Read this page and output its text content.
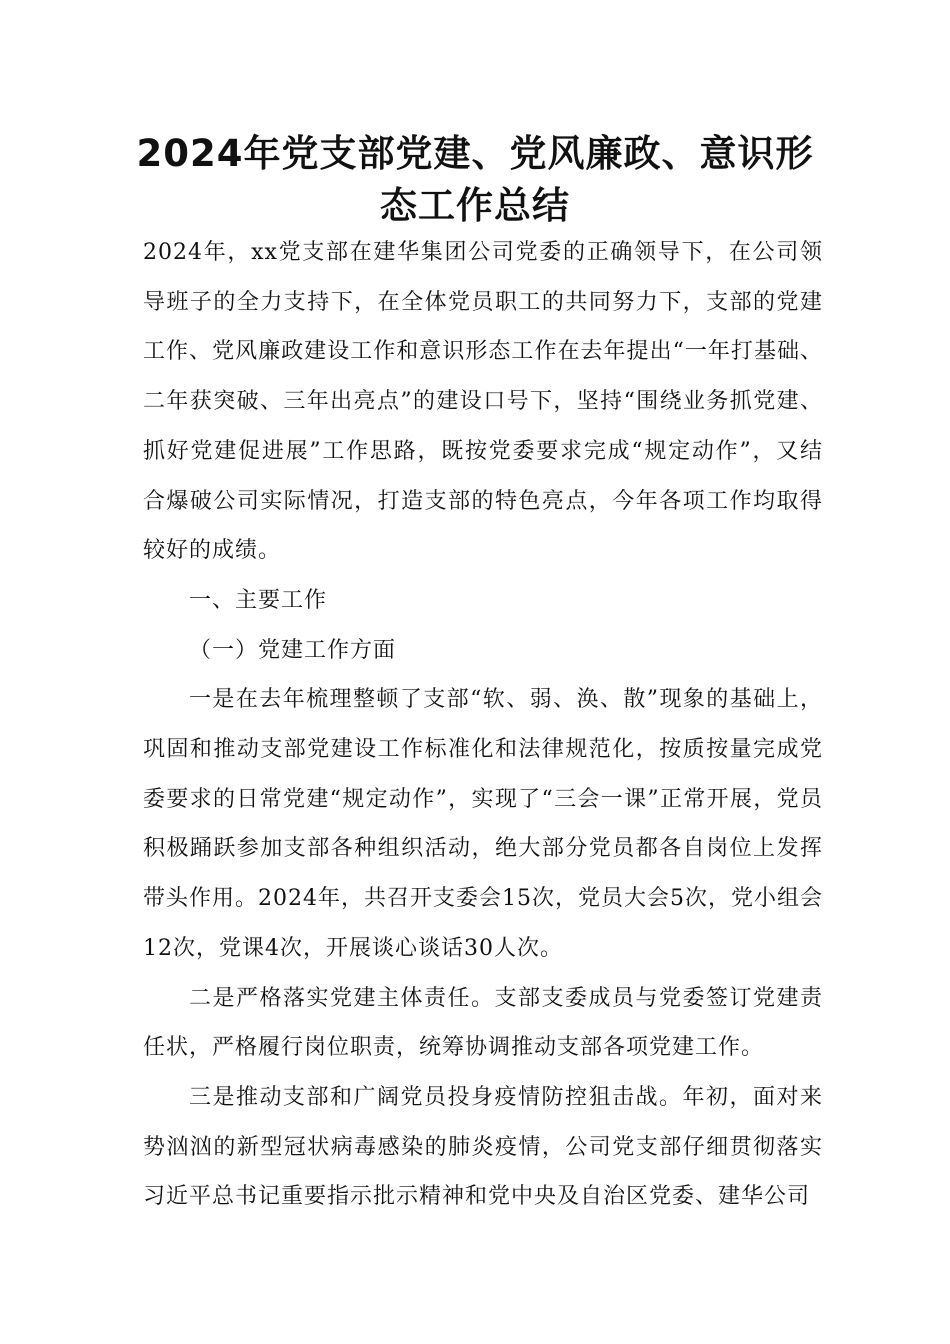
2024年党支部党建、党风廉政、意识形态工作总结

2024年，xx党支部在建华集团公司党委的正确领导下，在公司领导班子的全力支持下，在全体党员职工的共同努力下，支部的党建工作、党风廉政建设工作和意识形态工作在去年提出“一年打基础、二年获突破、三年出亮点”的建设口号下，坚持“围绕业务抓党建、抓好党建促进展”工作思路，既按党委要求完成“规定动作”，又结合爆破公司实际情况，打造支部的特色亮点，今年各项工作均取得较好的成绩。

一、主要工作

（一）党建工作方面

一是在去年梳理整顿了支部“软、弱、涣、散”现象的基础上，巩固和推动支部党建设工作标准化和法律规范化，按质按量完成党委要求的日常党建“规定动作”，实现了“三会一课”正常开展，党员积极踊跃参加支部各种组织活动，绝大部分党员都各自岗位上发挥带头作用。2024年，共召开支委会15次，党员大会5次，党小组会12次，党课4次，开展谈心谈话30人次。

二是严格落实党建主体责任。支部支委成员与党委签订党建责任状，严格履行岗位职责，统筹协调推动支部各项党建工作。

三是推动支部和广阔党员投身疫情防控狙击战。年初，面对来势汹汹的新型冠状病毒感染的肺炎疫情，公司党支部仔细贯彻落实习近平总书记重要指示批示精神和党中央及自治区党委、建华公司
